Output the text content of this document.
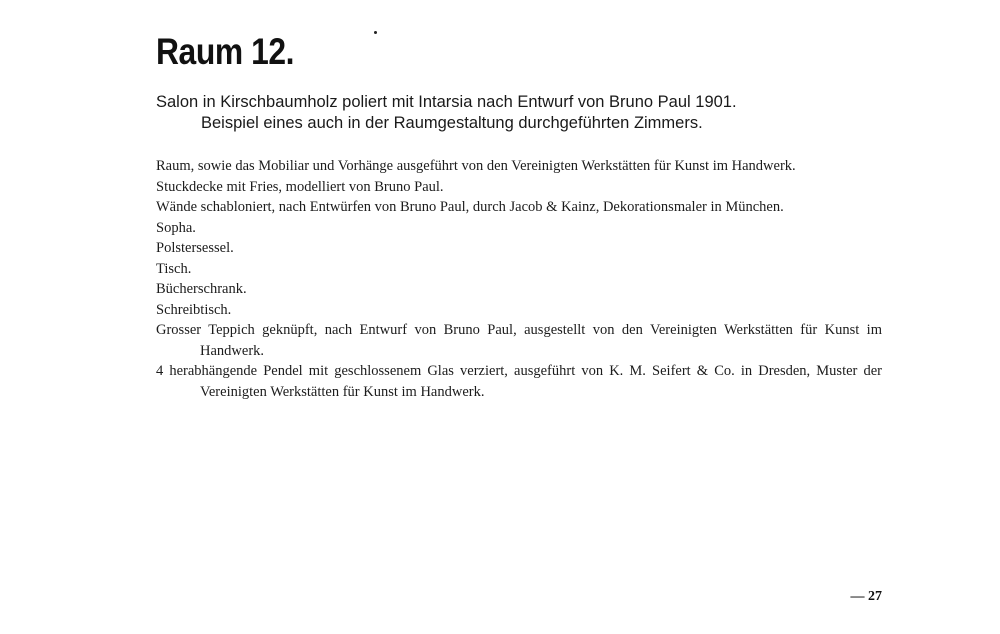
Raum 12.

Salon in Kirschbaumholz poliert mit Intarsia nach Entwurf von Bruno Paul 1901.
Beispiel eines auch in der Raumgestaltung durchgeführten Zimmers.

Raum, sowie das Mobiliar und Vorhänge ausgeführt von den Vereinigten Werkstätten für Kunst im Handwerk.
Stuckdecke mit Fries, modelliert von Bruno Paul.
Wände schabloniert, nach Entwürfen von Bruno Paul, durch Jacob & Kainz, Dekorationsmaler in München.
Sopha.
Polstersessel.
Tisch.
Bücherschrank.
Schreibtisch.
Grosser Teppich geknüpft, nach Entwurf von Bruno Paul, ausgestellt von den Vereinigten Werkstätten für Kunst im Handwerk.
4 herabhängende Pendel mit geschlossenem Glas verziert, ausgeführt von K. M. Seifert & Co. in Dresden, Muster der Vereinigten Werkstätten für Kunst im Handwerk.
— 27
